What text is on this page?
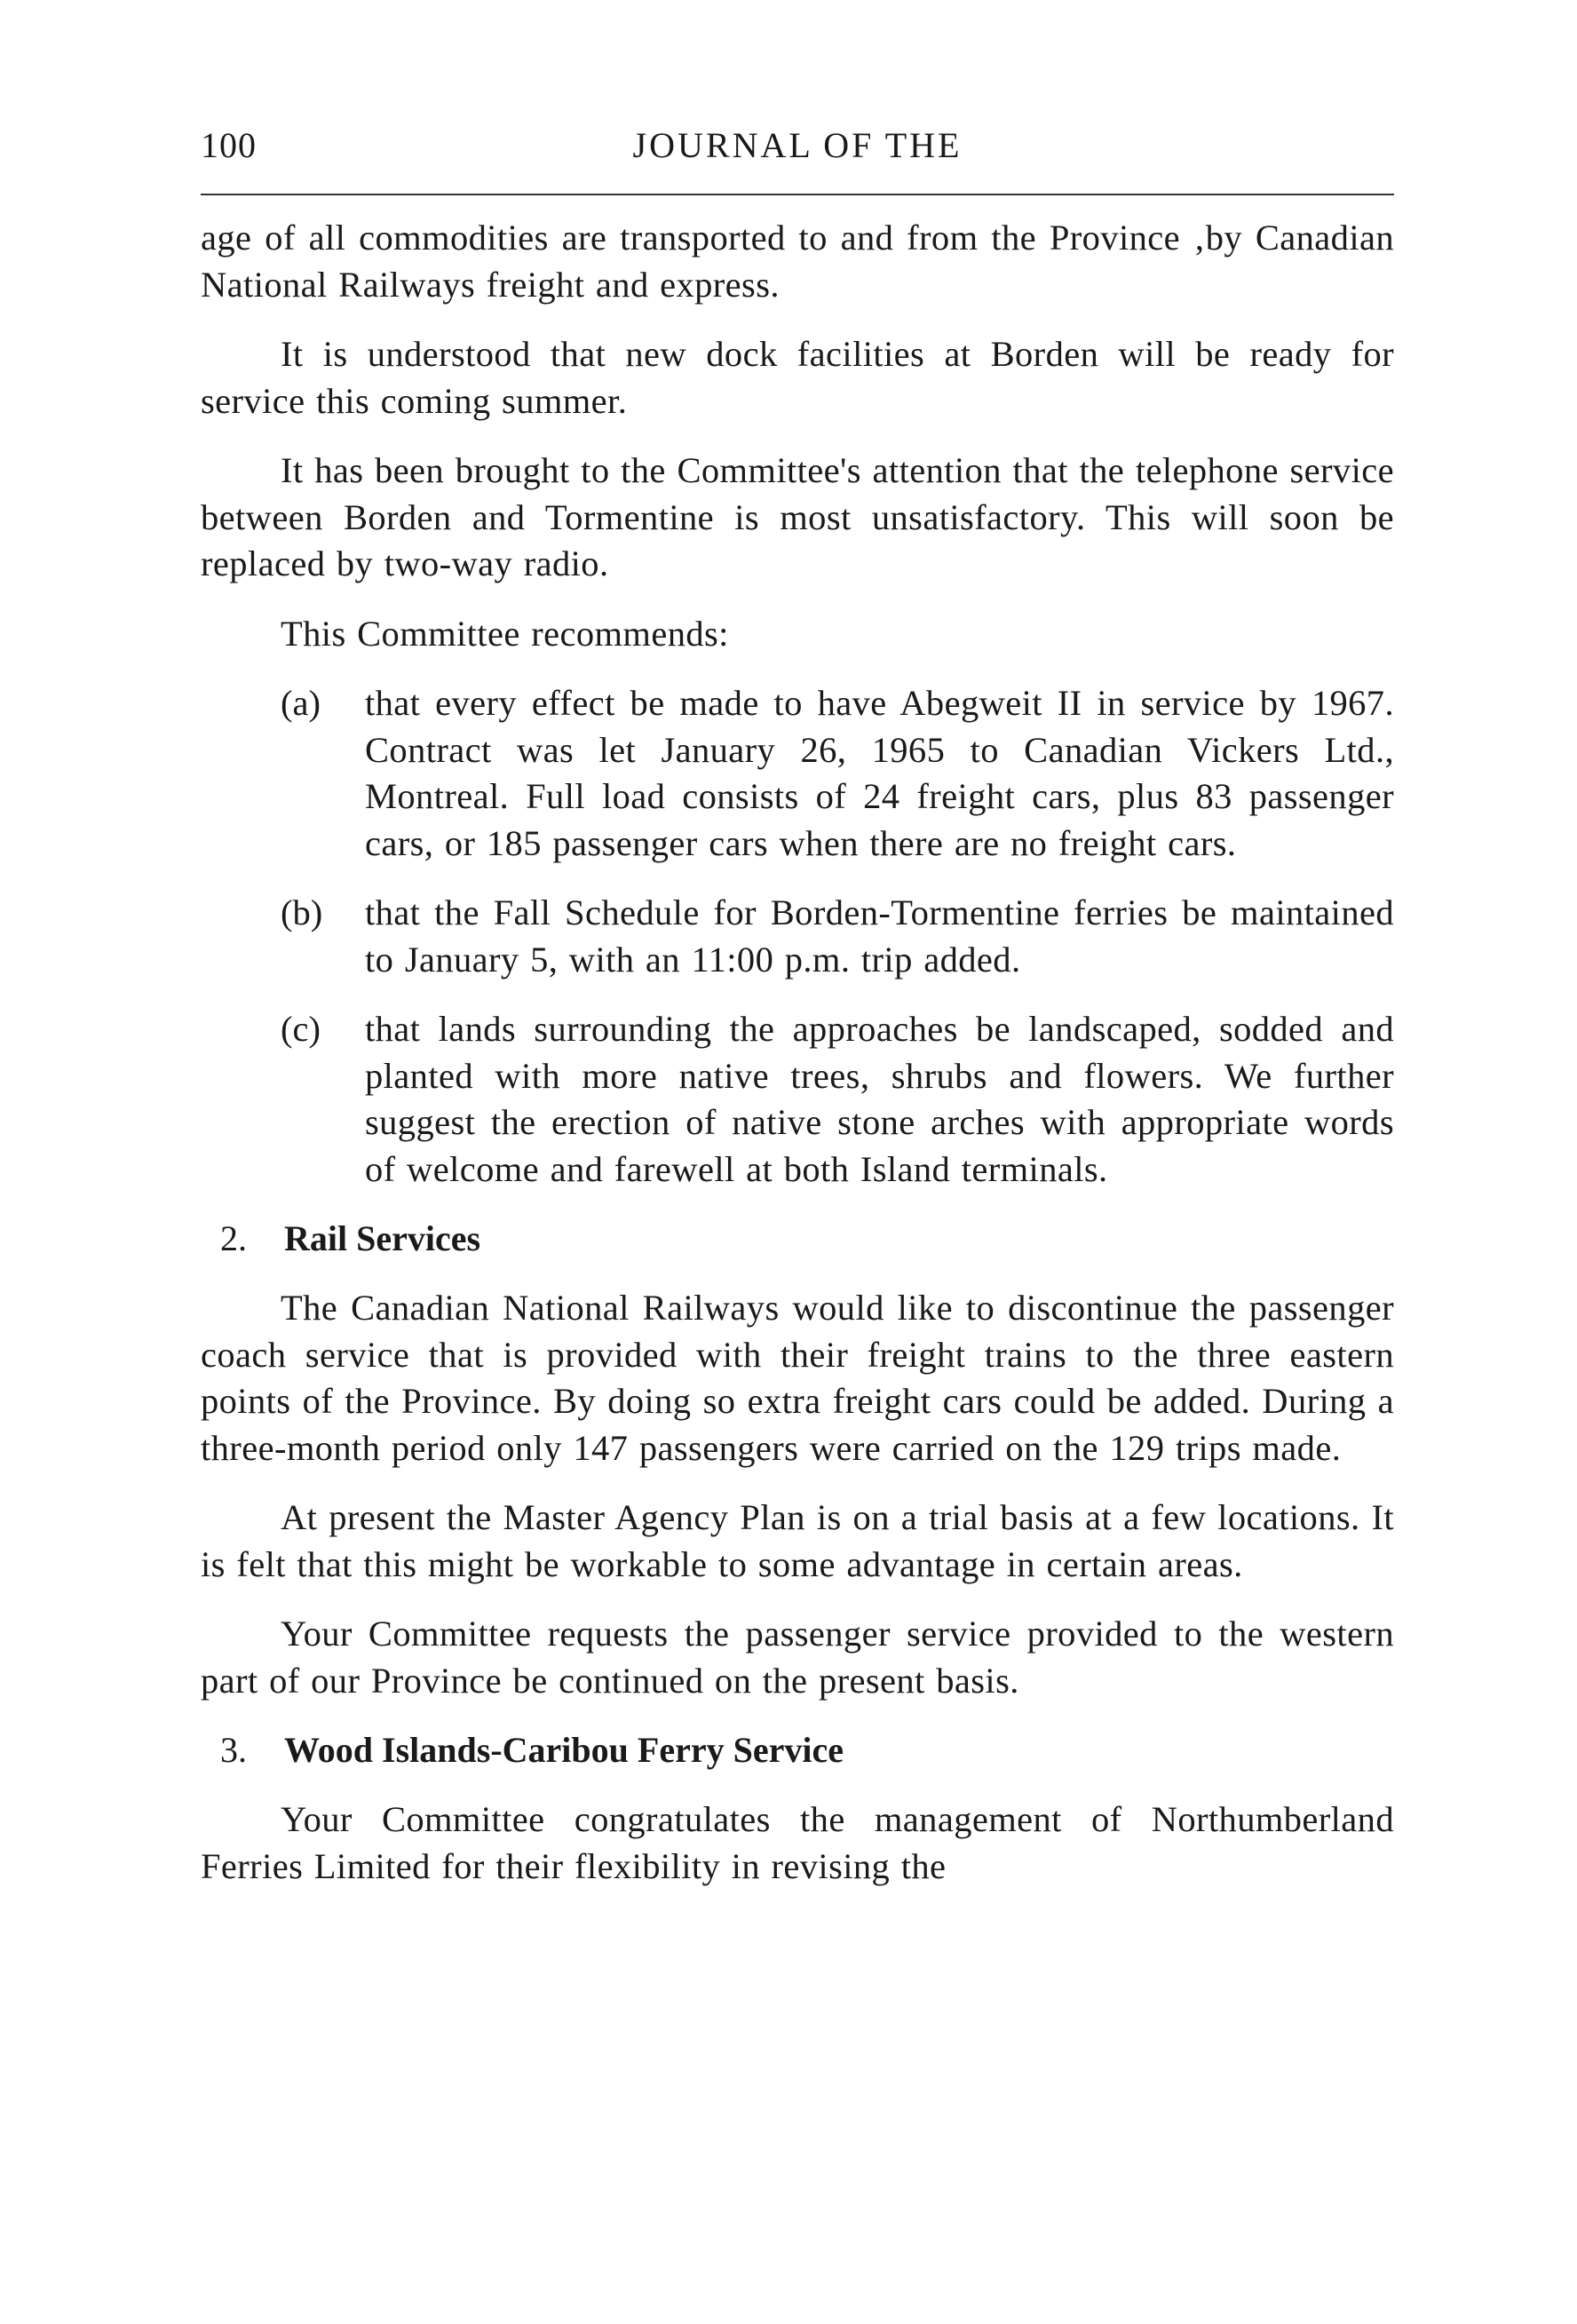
100	JOURNAL OF THE

age of all commodities are transported to and from the Province ‚by Canadian National Railways freight and express.

It is understood that new dock facilities at Borden will be ready for service this coming summer.

It has been brought to the Committee's attention that the telephone service between Borden and Tormentine is most unsatisfactory. This will soon be replaced by two-way radio.

This Committee recommends:

(a) that every effect be made to have Abegweit II in service by 1967. Contract was let January 26, 1965 to Canadian Vickers Ltd., Montreal. Full load consists of 24 freight cars, plus 83 passenger cars, or 185 passenger cars when there are no freight cars.

(b) that the Fall Schedule for Borden-Tormentine ferries be maintained to January 5, with an 11:00 p.m. trip added.

(c) that lands surrounding the approaches be landscaped, sodded and planted with more native trees, shrubs and flowers. We further suggest the erection of native stone arches with appropriate words of welcome and farewell at both Island terminals.

2. Rail Services

The Canadian National Railways would like to discontinue the passenger coach service that is provided with their freight trains to the three eastern points of the Province. By doing so extra freight cars could be added. During a three-month period only 147 passengers were carried on the 129 trips made.

At present the Master Agency Plan is on a trial basis at a few locations. It is felt that this might be workable to some advantage in certain areas.

Your Committee requests the passenger service provided to the western part of our Province be continued on the present basis.

3. Wood Islands-Caribou Ferry Service

Your Committee congratulates the management of Northumberland Ferries Limited for their flexibility in revising the
